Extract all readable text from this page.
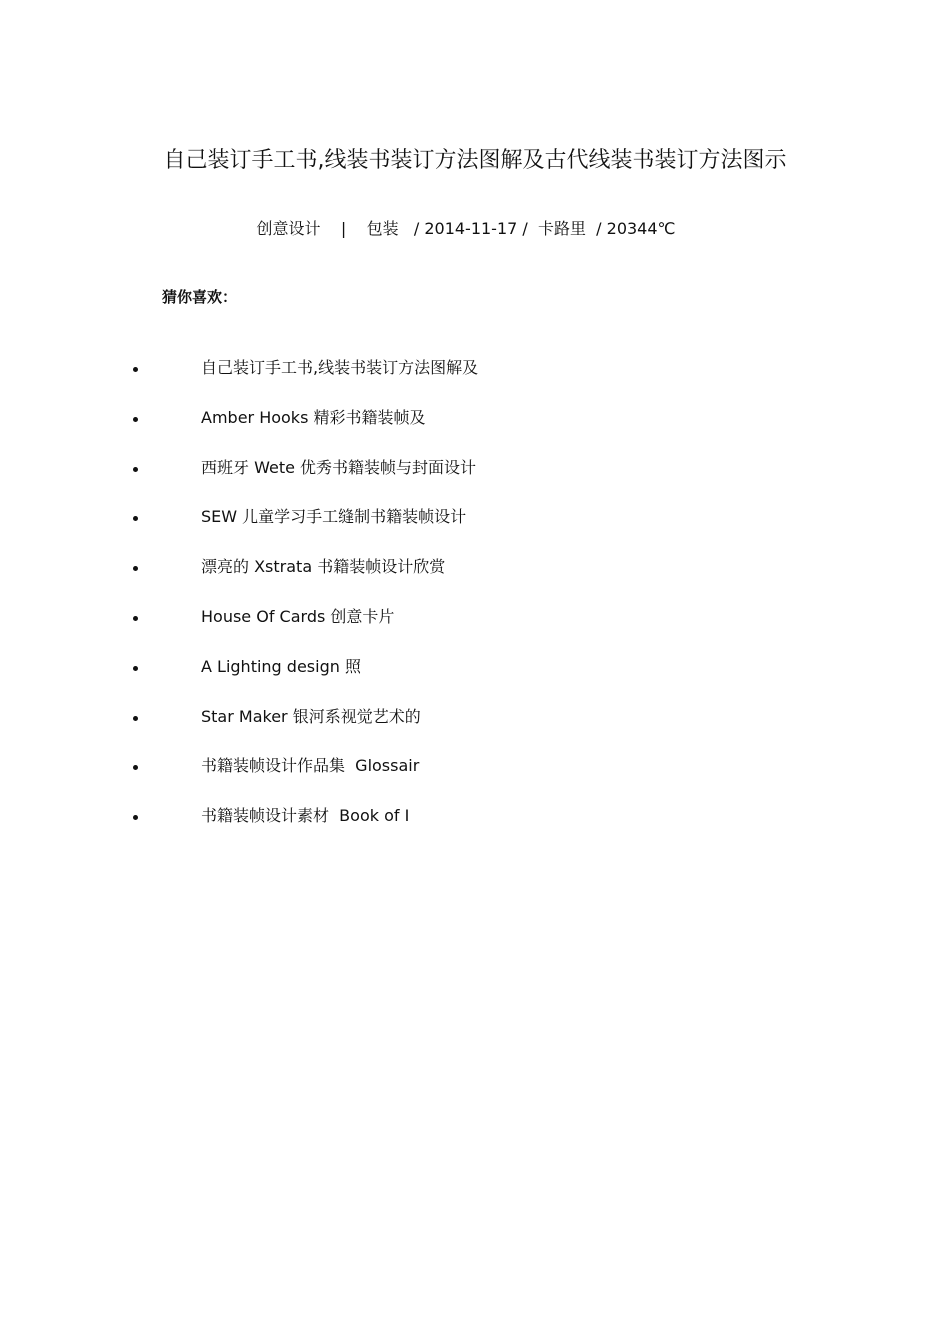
自己装订手工书,线装书装订方法图解及古代线装书装订方法图示
创意设计 | 包装   / 2014-11-17 /  卡路里  / 20344℃
猜你喜欢：
自己装订手工书,线装书装订方法图解及
Amber Hooks 精彩书籍装帧及
西班牙 Wete 优秀书籍装帧与封面设计
SEW 儿童学习手工缝制书籍装帧设计
漂亮的 Xstrata 书籍装帧设计欣赏
House Of Cards 创意卡片
A Lighting design 照
Star Maker 银河系视觉艺术的
书籍装帧设计作品集  Glossair
书籍装帧设计素材  Book of I
